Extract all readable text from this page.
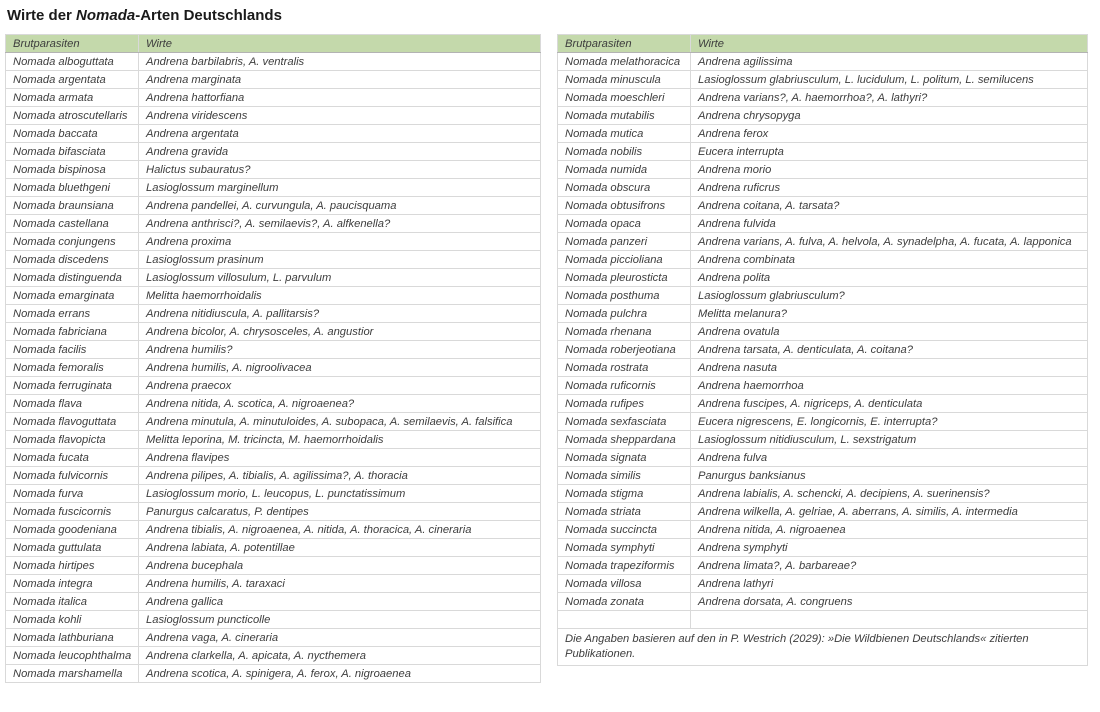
Wirte der Nomada-Arten Deutschlands
Brutparasiten	Wirte
Nomada alboguttata	Andrena barbilabris, A. ventralis
Nomada argentata	Andrena marginata
Nomada armata	Andrena hattorfiana
Nomada atroscutellaris	Andrena viridescens
Nomada baccata	Andrena argentata
Nomada bifasciata	Andrena gravida
Nomada bispinosa	Halictus subauratus?
Nomada bluethgeni	Lasioglossum marginellum
Nomada braunsiana	Andrena pandellei, A. curvungula, A. paucisquama
Nomada castellana	Andrena anthrisci?, A. semilaevis?, A. alfkenella?
Nomada conjungens	Andrena proxima
Nomada discedens	Lasioglossum prasinum
Nomada distinguenda	Lasioglossum villosulum, L. parvulum
Nomada emarginata	Melitta haemorrhoidalis
Nomada errans	Andrena nitidiuscula, A. pallitarsis?
Nomada fabriciana	Andrena bicolor, A. chrysosceles, A. angustior
Nomada facilis	Andrena humilis?
Nomada femoralis	Andrena humilis, A. nigroolivacea
Nomada ferruginata	Andrena praecox
Nomada flava	Andrena nitida, A. scotica, A. nigroaenea?
Nomada flavoguttata	Andrena minutula, A. minutuloides, A. subopaca, A. semilaevis, A. falsifica
Nomada flavopicta	Melitta leporina, M. tricincta, M. haemorrhoidalis
Nomada fucata	Andrena flavipes
Nomada fulvicornis	Andrena pilipes, A. tibialis, A. agilissima?, A. thoracia
Nomada furva	Lasioglossum morio, L. leucopus, L. punctatissimum
Nomada fuscicornis	Panurgus calcaratus, P. dentipes
Nomada goodeniana	Andrena tibialis, A. nigroaenea, A. nitida, A. thoracica, A. cineraria
Nomada guttulata	Andrena labiata, A. potentillae
Nomada hirtipes	Andrena bucephala
Nomada integra	Andrena humilis, A. taraxaci
Nomada italica	Andrena gallica
Nomada kohli	Lasioglossum puncticolle
Nomada lathburiana	Andrena vaga, A. cineraria
Nomada leucophthalma	Andrena clarkella, A. apicata, A. nycthemera
Nomada marshamella	Andrena scotica, A. spinigera, A. ferox, A. nigroaenea
Brutparasiten	Wirte
Nomada melathoracica	Andrena agilissima
Nomada minuscula	Lasioglossum glabriusculum, L. lucidulum, L. politum, L. semilucens
Nomada moeschleri	Andrena varians?, A. haemorrhoa?, A. lathyri?
Nomada mutabilis	Andrena chrysopyga
Nomada mutica	Andrena ferox
Nomada nobilis	Eucera interrupta
Nomada numida	Andrena morio
Nomada obscura	Andrena ruficrus
Nomada obtusifrons	Andrena coitana, A. tarsata?
Nomada opaca	Andrena fulvida
Nomada panzeri	Andrena varians, A. fulva, A. helvola, A. synadelpha, A. fucata, A. lapponica
Nomada piccioliana	Andrena combinata
Nomada pleurosticta	Andrena polita
Nomada posthuma	Lasioglossum glabriusculum?
Nomada pulchra	Melitta melanura?
Nomada rhenana	Andrena ovatula
Nomada roberjeotiana	Andrena tarsata, A. denticulata, A. coitana?
Nomada rostrata	Andrena nasuta
Nomada ruficornis	Andrena haemorrhoa
Nomada rufipes	Andrena fuscipes, A. nigriceps, A. denticulata
Nomada sexfasciata	Eucera nigrescens, E. longicornis, E. interrupta?
Nomada sheppardana	Lasioglossum nitidiusculum, L. sexstrigatum
Nomada signata	Andrena fulva
Nomada similis	Panurgus banksianus
Nomada stigma	Andrena labialis, A. schencki, A. decipiens, A. suerinensis?
Nomada striata	Andrena wilkella, A. gelriae, A. aberrans, A. similis, A. intermedia
Nomada succincta	Andrena nitida, A. nigroaenea
Nomada symphyti	Andrena symphyti
Nomada trapeziformis	Andrena limata?, A. barbareae?
Nomada villosa	Andrena lathyri
Nomada zonata	Andrena dorsata, A. congruens

Die Angaben basieren auf den in P. Westrich (2029): »Die Wildbienen Deutschlands« zitierten Publikationen.	
